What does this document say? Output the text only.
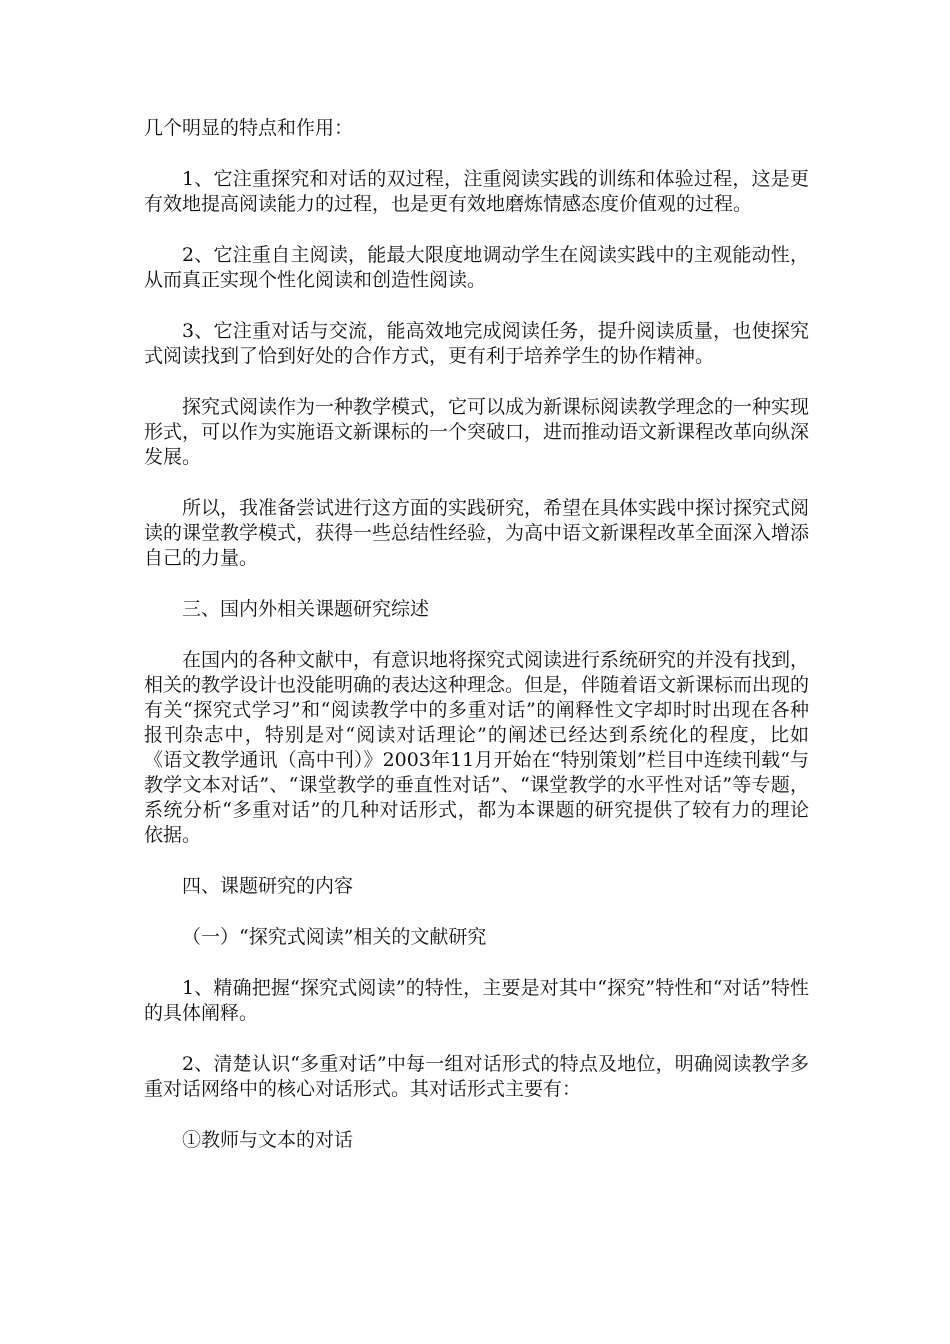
几个明显的特点和作用：

1、它注重探究和对话的双过程，注重阅读实践的训练和体验过程，这是更有效地提高阅读能力的过程，也是更有效地磨炼情感态度价值观的过程。

2、它注重自主阅读，能最大限度地调动学生在阅读实践中的主观能动性，从而真正实现个性化阅读和创造性阅读。

3、它注重对话与交流，能高效地完成阅读任务，提升阅读质量，也使探究式阅读找到了恰到好处的合作方式，更有利于培养学生的协作精神。

探究式阅读作为一种教学模式，它可以成为新课标阅读教学理念的一种实现形式，可以作为实施语文新课标的一个突破口，进而推动语文新课程改革向纵深发展。

所以，我准备尝试进行这方面的实践研究，希望在具体实践中探讨探究式阅读的课堂教学模式，获得一些总结性经验，为高中语文新课程改革全面深入增添自己的力量。

三、国内外相关课题研究综述

在国内的各种文献中，有意识地将探究式阅读进行系统研究的并没有找到，相关的教学设计也没能明确的表达这种理念。但是，伴随着语文新课标而出现的有关“探究式学习”和“阅读教学中的多重对话”的阐释性文字却时时出现在各种报刊杂志中，特别是对“阅读对话理论”的阐述已经达到系统化的程度，比如《语文教学通讯（高中刊）》2003年11月开始在“特别策划”栏目中连续刊载“与教学文本对话”、“课堂教学的垂直性对话”、“课堂教学的水平性对话”等专题，系统分析“多重对话”的几种对话形式，都为本课题的研究提供了较有力的理论依据。

四、课题研究的内容

（一）“探究式阅读”相关的文献研究

1、精确把握“探究式阅读”的特性，主要是对其中“探究”特性和“对话”特性的具体阐释。

2、清楚认识“多重对话”中每一组对话形式的特点及地位，明确阅读教学多重对话网络中的核心对话形式。其对话形式主要有：

①教师与文本的对话
